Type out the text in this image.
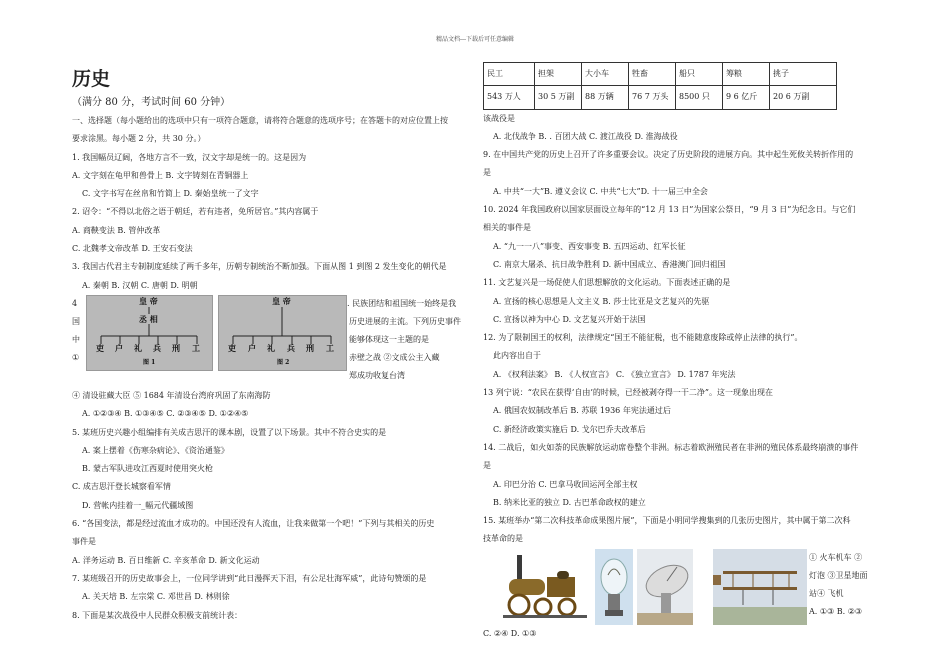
精品文档---下载后可任意编辑
历史
（满分 80 分，考试时间 60 分钟）
一、选择题（每小题给出的选项中只有一项符合题意，请将符合题意的选项序号；在答题卡的对应位置上按
要求涂黑。每小题 2 分，共 30 分。）
1. 我国幅员辽阔，各地方言不一致，汉文字却是统一的。这是因为
A. 文字刻在龟甲和兽骨上 B. 文字铸刻在青铜器上
C. 文字书写在丝帛和竹简上 D. 秦始皇统一了文字
2. 诏令：“不得以北俗之语于朝廷，若有违者，免所居官。”其内容属于
A. 商鞅变法 B. 管仲改革
C. 北魏孝文帝改革 D. 王安石变法
3. 我国古代君主专制制度延续了两千多年，历朝专制统治不断加强。下面从图 1 到图 2 发生变化的朝代是
A. 秦朝 B. 汉朝 C. 唐朝 D. 明朝
4
国
中
①
皇 帝
丞 相
吏 户 礼 兵 刑 工
图 1
皇 帝
吏 户 礼 兵 刑 工
图 2
. 民族团结和祖国统一始终是我
历史进展的主流。下列历史事件
能够体现这一主题的是
赤壁之战 ②文成公主入藏
郑成功收复台湾
④ 清设驻藏大臣 ⑤ 1684 年清设台湾府巩固了东南海防
A. ①②③④ B. ①③④⑤ C. ②③④⑤ D. ①②④⑤
5. 某班历史兴趣小组编排有关成吉思汗的课本剧，设置了以下场景。其中不符合史实的是
A. 案上摆着《伤寒杂病论》、《资治通鉴》
B. 蒙古军队进攻江西夏时使用突火枪
C. 成吉思汗登长城察看军情
D. 营帐内挂着一_幅元代疆域图
6. “各国变法，都是经过流血才成功的。中国还没有人流血，让我来做第一个吧！”下列与其相关的历史
事件是
A. 洋务运动 B. 百日维新 C. 辛亥革命 D. 新文化运动
7. 某班级召开的历史故事会上，一位同学讲到“此日漫挥天下泪，有公足壮海军威”，此诗句赞颂的是
A. 关天培 B. 左宗棠 C. 邓世昌 D. 林则徐
8. 下面是某次战役中人民群众积极支前统计表：
民工	担架	大小车	牲畜	船只	筹粮	挑子
543 万人	30 5 万副	88 万辆	76 7 万头	8500 只	9 6 亿斤	20 6 万副
该战役是
A. 北伐战争 B. . 百团大战 C. 渡江战役 D. 淮海战役
9. 在中国共产党的历史上召开了许多重要会议。决定了历史阶段的进展方向。其中起生死攸关转折作用的
是
A. 中共“一大”B. 遵义会议 C. 中共“七大”D. 十一届三中全会
10. 2024 年我国政府以国家层面设立每年的“12 月 13 日”为国家公祭日，“9 月 3 日”为纪念日。与它们
相关的事件是
A. “九一一八”事变、西安事变 B. 五四运动、红军长征
C. 南京大屠杀、抗日战争胜利 D. 新中国成立、香港澳门回归祖国
11. 文艺复兴是一场促使人们思想解放的文化运动。下面表述正确的是
A. 宣扬的核心思想是人文主义 B. 莎士比亚是文艺复兴的先驱
C. 宣扬以神为中心 D. 文艺复兴开始于法国
12. 为了限制国王的权利，法律规定“国王不能征税，也不能随意废除或停止法律的执行”。
此内容出自于
A. 《权利法案》 B. 《人权宣言》 C. 《独立宣言》 D. 1787 年宪法
13 列宁说：“农民在获得‘自由’的时候，已经被剥夺得一干二净”。这一现象出现在
A. 俄国农奴制改革后 B. 苏联 1936 年宪法通过后
C. 新经济政策实施后 D. 戈尔巴乔夫改革后
14. 二战后，如火如荼的民族解放运动席卷整个非洲。标志着欧洲殖民者在非洲的殖民体系最终崩溃的事件
是
A. 印巴分治 C. 巴拿马收回运河全部主权
B. 纳米比亚的独立 D. 古巴革命政权的建立
15. 某班举办“第二次科技革命成果图片展”，下面是小明同学搜集到的几张历史图片，其中属于第二次科
技革命的是
① 火车机车 ②
灯泡 ③卫星地面
站④ 飞机
A. ①③ B. ②③
C. ②④ D. ①③
